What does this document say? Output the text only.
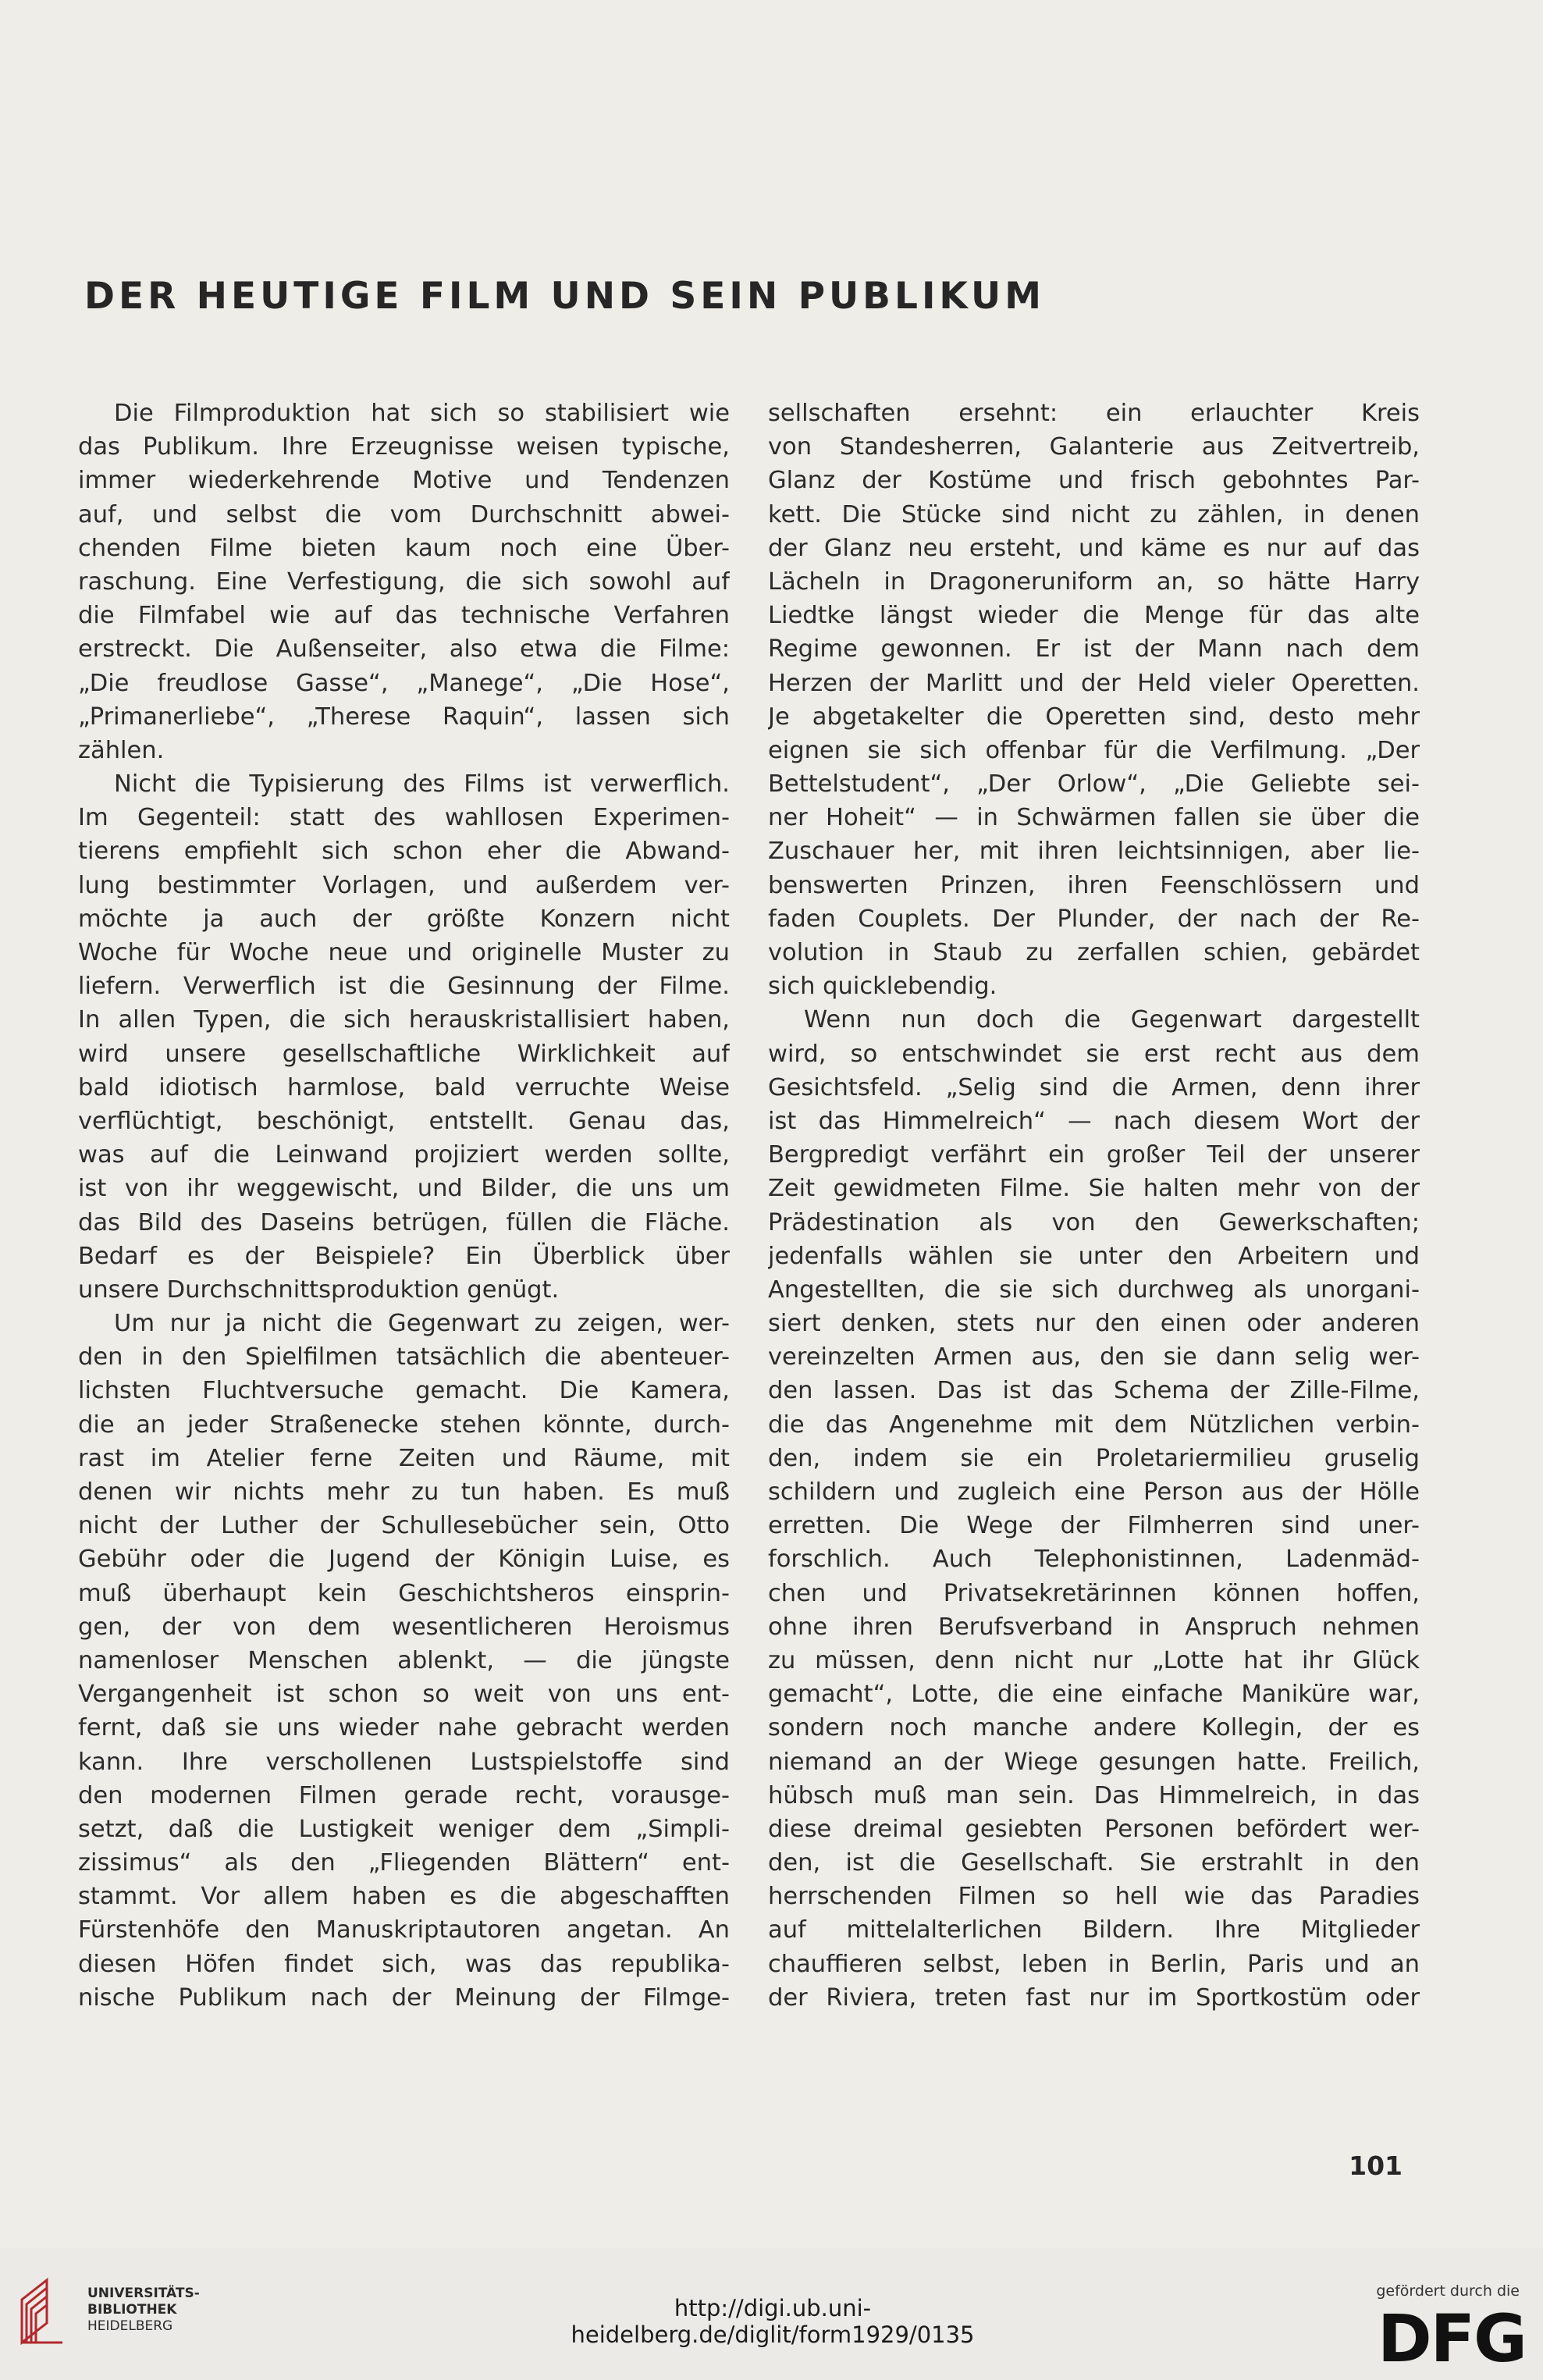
DER HEUTIGE FILM UND SEIN PUBLIKUM
Die Filmproduktion hat sich so stabilisiert wie
das Publikum. Ihre Erzeugnisse weisen typische,
immer wiederkehrende Motive und Tendenzen
auf, und selbst die vom Durchschnitt abwei-
chenden Filme bieten kaum noch eine Über-
raschung. Eine Verfestigung, die sich sowohl auf
die Filmfabel wie auf das technische Verfahren
erstreckt. Die Außenseiter, also etwa die Filme:
„Die freudlose Gasse“, „Manege“, „Die Hose“,
„Primanerliebe“, „Therese Raquin“, lassen sich
zählen.
Nicht die Typisierung des Films ist verwerflich.
Im Gegenteil: statt des wahllosen Experimen-
tierens empfiehlt sich schon eher die Abwand-
lung bestimmter Vorlagen, und außerdem ver-
möchte ja auch der größte Konzern nicht
Woche für Woche neue und originelle Muster zu
liefern. Verwerflich ist die Gesinnung der Filme.
In allen Typen, die sich herauskristallisiert haben,
wird unsere gesellschaftliche Wirklichkeit auf
bald idiotisch harmlose, bald verruchte Weise
verflüchtigt, beschönigt, entstellt. Genau das,
was auf die Leinwand projiziert werden sollte,
ist von ihr weggewischt, und Bilder, die uns um
das Bild des Daseins betrügen, füllen die Fläche.
Bedarf es der Beispiele? Ein Überblick über
unsere Durchschnittsproduktion genügt.
Um nur ja nicht die Gegenwart zu zeigen, wer-
den in den Spielfilmen tatsächlich die abenteuer-
lichsten Fluchtversuche gemacht. Die Kamera,
die an jeder Straßenecke stehen könnte, durch-
rast im Atelier ferne Zeiten und Räume, mit
denen wir nichts mehr zu tun haben. Es muß
nicht der Luther der Schullesebücher sein, Otto
Gebühr oder die Jugend der Königin Luise, es
muß überhaupt kein Geschichtsheros einsprin-
gen, der von dem wesentlicheren Heroismus
namenloser Menschen ablenkt, — die jüngste
Vergangenheit ist schon so weit von uns ent-
fernt, daß sie uns wieder nahe gebracht werden
kann. Ihre verschollenen Lustspielstoffe sind
den modernen Filmen gerade recht, vorausge-
setzt, daß die Lustigkeit weniger dem „Simpli-
zissimus“ als den „Fliegenden Blättern“ ent-
stammt. Vor allem haben es die abgeschafften
Fürstenhöfe den Manuskriptautoren angetan. An
diesen Höfen findet sich, was das republika-
nische Publikum nach der Meinung der Filmge-
sellschaften ersehnt: ein erlauchter Kreis
von Standesherren, Galanterie aus Zeitvertreib,
Glanz der Kostüme und frisch gebohntes Par-
kett. Die Stücke sind nicht zu zählen, in denen
der Glanz neu ersteht, und käme es nur auf das
Lächeln in Dragoneruniform an, so hätte Harry
Liedtke längst wieder die Menge für das alte
Regime gewonnen. Er ist der Mann nach dem
Herzen der Marlitt und der Held vieler Operetten.
Je abgetakelter die Operetten sind, desto mehr
eignen sie sich offenbar für die Verfilmung. „Der
Bettelstudent“, „Der Orlow“, „Die Geliebte sei-
ner Hoheit“ — in Schwärmen fallen sie über die
Zuschauer her, mit ihren leichtsinnigen, aber lie-
benswerten Prinzen, ihren Feenschlössern und
faden Couplets. Der Plunder, der nach der Re-
volution in Staub zu zerfallen schien, gebärdet
sich quicklebendig.
Wenn nun doch die Gegenwart dargestellt
wird, so entschwindet sie erst recht aus dem
Gesichtsfeld. „Selig sind die Armen, denn ihrer
ist das Himmelreich“ — nach diesem Wort der
Bergpredigt verfährt ein großer Teil der unserer
Zeit gewidmeten Filme. Sie halten mehr von der
Prädestination als von den Gewerkschaften;
jedenfalls wählen sie unter den Arbeitern und
Angestellten, die sie sich durchweg als unorgani-
siert denken, stets nur den einen oder anderen
vereinzelten Armen aus, den sie dann selig wer-
den lassen. Das ist das Schema der Zille-Filme,
die das Angenehme mit dem Nützlichen verbin-
den, indem sie ein Proletariermilieu gruselig
schildern und zugleich eine Person aus der Hölle
erretten. Die Wege der Filmherren sind uner-
forschlich. Auch Telephonistinnen, Ladenmäd-
chen und Privatsekretärinnen können hoffen,
ohne ihren Berufsverband in Anspruch nehmen
zu müssen, denn nicht nur „Lotte hat ihr Glück
gemacht“, Lotte, die eine einfache Maniküre war,
sondern noch manche andere Kollegin, der es
niemand an der Wiege gesungen hatte. Freilich,
hübsch muß man sein. Das Himmelreich, in das
diese dreimal gesiebten Personen befördert wer-
den, ist die Gesellschaft. Sie erstrahlt in den
herrschenden Filmen so hell wie das Paradies
auf mittelalterlichen Bildern. Ihre Mitglieder
chauffieren selbst, leben in Berlin, Paris und an
der Riviera, treten fast nur im Sportkostüm oder

101

UNIVERSITÄTS-
BIBLIOTHEK
HEIDELBERG
http://digi.ub.uni-heidelberg.de/diglit/form1929/0135
gefördert durch die
DFG
